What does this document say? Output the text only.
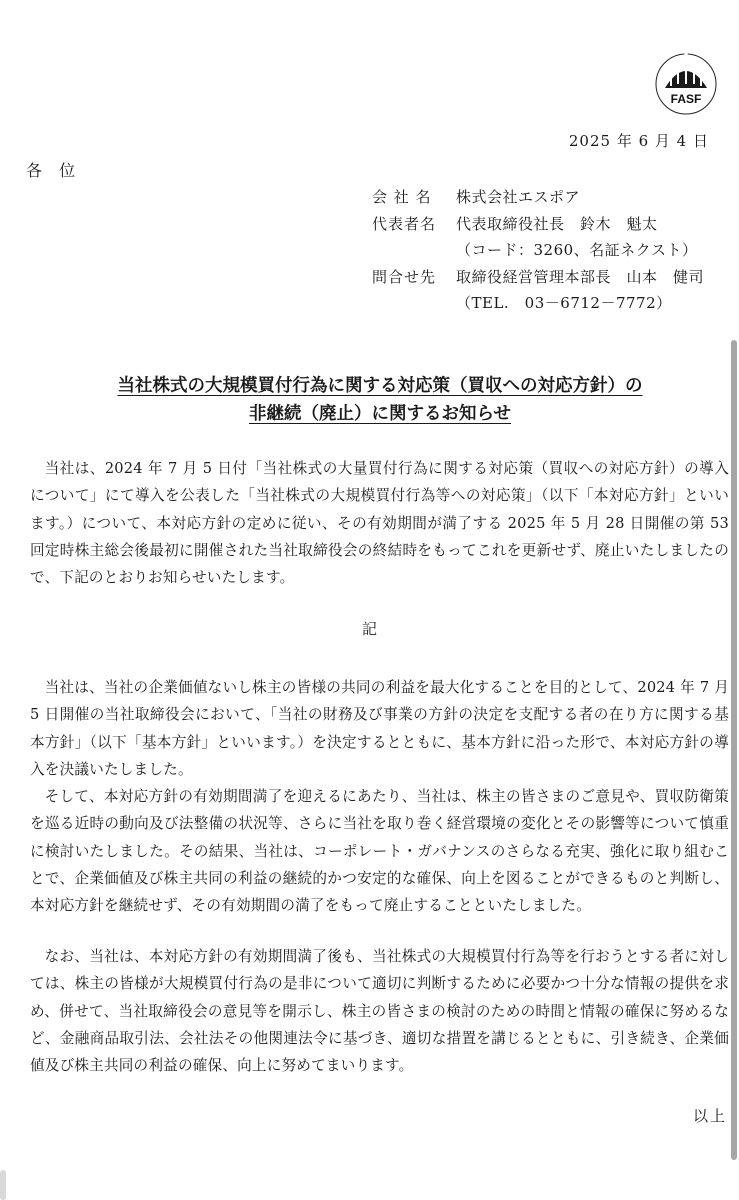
FASF
2025 年 6 月 4 日
各 位
会 社 名	株式会社エスポア
代表者名	代表取締役社長　鈴木　魁太
（コード：3260、名証ネクスト）
問合せ先	取締役経営管理本部長　山本　健司
（TEL.　03－6712－7772）
当社株式の大規模買付行為に関する対応策（買収への対応方針）の
非継続（廃止）に関するお知らせ
当社は、2024 年 7 月 5 日付「当社株式の大量買付行為に関する対応策（買収への対応方針）の導入について」にて導入を公表した「当社株式の大規模買付行為等への対応策」（以下「本対応方針」といいます。）について、本対応方針の定めに従い、その有効期間が満了する 2025 年 5 月 28 日開催の第 53 回定時株主総会後最初に開催された当社取締役会の終結時をもってこれを更新せず、廃止いたしましたので、下記のとおりお知らせいたします。
記
当社は、当社の企業価値ないし株主の皆様の共同の利益を最大化することを目的として、2024 年 7 月 5 日開催の当社取締役会において、「当社の財務及び事業の方針の決定を支配する者の在り方に関する基本方針」（以下「基本方針」といいます。）を決定するとともに、基本方針に沿った形で、本対応方針の導入を決議いたしました。
そして、本対応方針の有効期間満了を迎えるにあたり、当社は、株主の皆さまのご意見や、買収防衛策を巡る近時の動向及び法整備の状況等、さらに当社を取り巻く経営環境の変化とその影響等について慎重に検討いたしました。その結果、当社は、コーポレート・ガバナンスのさらなる充実、強化に取り組むことで、企業価値及び株主共同の利益の継続的かつ安定的な確保、向上を図ることができるものと判断し、本対応方針を継続せず、その有効期間の満了をもって廃止することといたしました。
なお、当社は、本対応方針の有効期間満了後も、当社株式の大規模買付行為等を行おうとする者に対しては、株主の皆様が大規模買付行為の是非について適切に判断するために必要かつ十分な情報の提供を求め、併せて、当社取締役会の意見等を開示し、株主の皆さまの検討のための時間と情報の確保に努めるなど、金融商品取引法、会社法その他関連法令に基づき、適切な措置を講じるとともに、引き続き、企業価値及び株主共同の利益の確保、向上に努めてまいります。
以上
